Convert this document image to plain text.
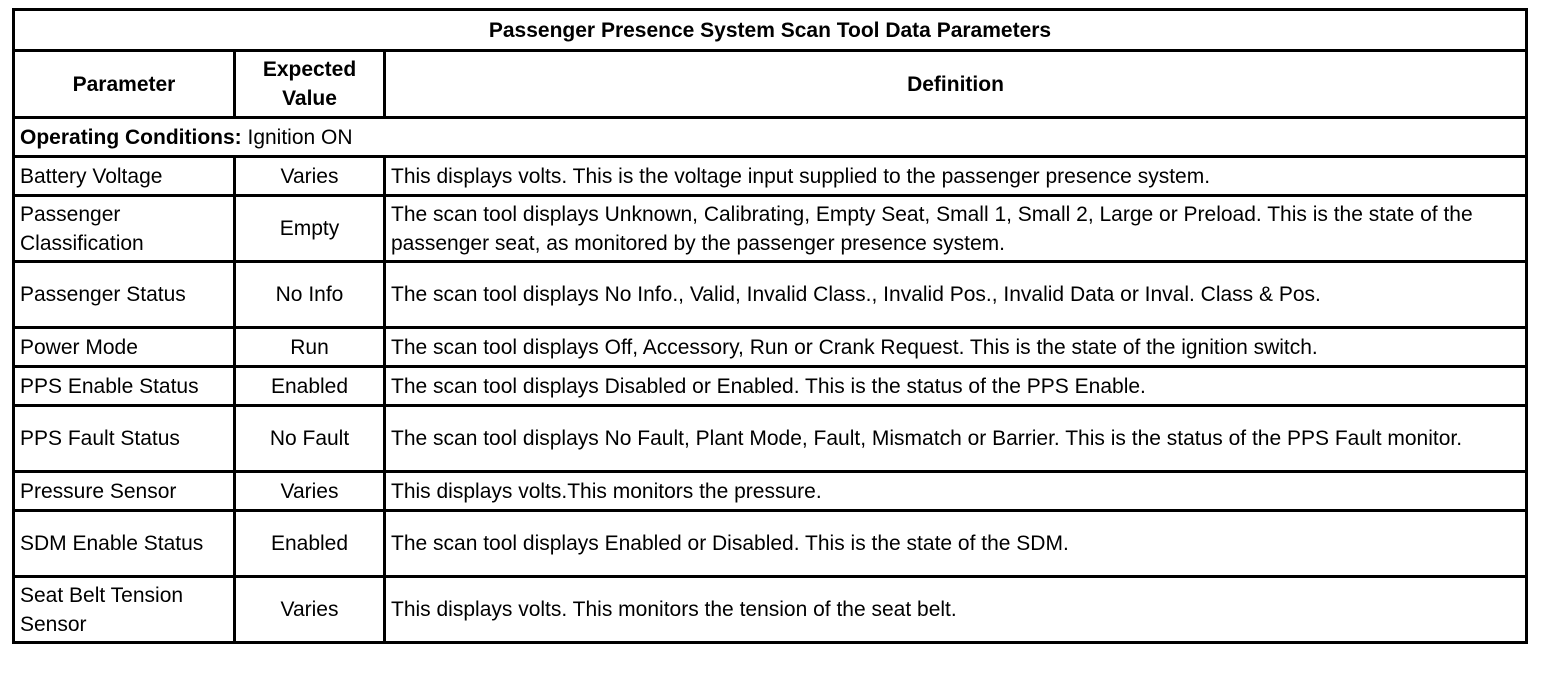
Passenger Presence System Scan Tool Data Parameters		
Parameter	Expected Value	Definition
Operating Conditions: Ignition ON		
Battery Voltage	Varies	This displays volts. This is the voltage input supplied to the passenger presence system.
Passenger Classification	Empty	The scan tool displays Unknown, Calibrating, Empty Seat, Small 1, Small 2, Large or Preload. This is the state of the passenger seat, as monitored by the passenger presence system.
Passenger Status	No Info	The scan tool displays No Info., Valid, Invalid Class., Invalid Pos., Invalid Data or Inval. Class & Pos.
Power Mode	Run	The scan tool displays Off, Accessory, Run or Crank Request. This is the state of the ignition switch.
PPS Enable Status	Enabled	The scan tool displays Disabled or Enabled. This is the status of the PPS Enable.
PPS Fault Status	No Fault	The scan tool displays No Fault, Plant Mode, Fault, Mismatch or Barrier. This is the status of the PPS Fault monitor.
Pressure Sensor	Varies	This displays volts.This monitors the pressure.
SDM Enable Status	Enabled	The scan tool displays Enabled or Disabled. This is the state of the SDM.
Seat Belt Tension Sensor	Varies	This displays volts. This monitors the tension of the seat belt.
